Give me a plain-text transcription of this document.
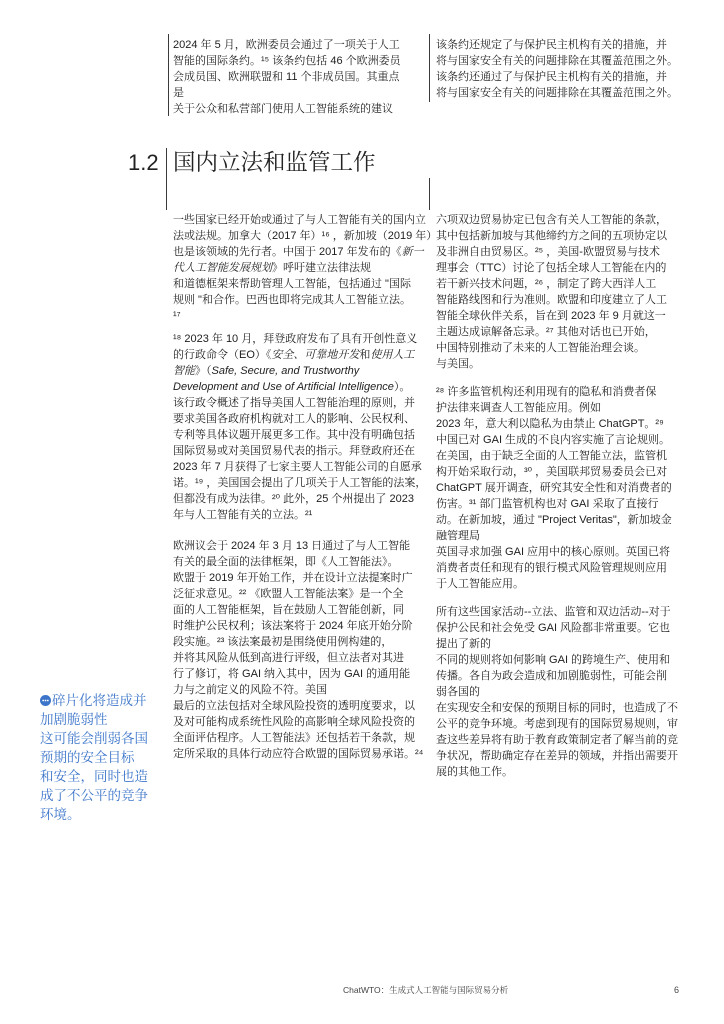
2024 年 5 月，欧洲委员会通过了一项关于人工
智能的国际条约。¹⁵ 该条约包括 46 个欧洲委员
会成员国、欧洲联盟和 11 个非成员国。其重点
是
关于公众和私营部门使用人工智能系统的建议
该条约还规定了与保护民主机构有关的措施，并
将与国家安全有关的问题排除在其覆盖范围之外。
该条约还通过了与保护民主机构有关的措施，并
将与国家安全有关的问题排除在其覆盖范围之外。
1.2 国内立法和监管工作
一些国家已经开始或通过了与人工智能有关的国内立
法或法规。加拿大（2017 年）¹⁶ ，新加坡（2019 年）
也是该领域的先行者。中国于 2017 年发布的《新一
代人工智能发展规划》呼吁建立法律法规
和道德框架来帮助管理人工智能，包括通过 "国际
规则 "和合作。巴西也即将完成其人工智能立法。
¹⁷
¹⁸ 2023 年 10 月，拜登政府发布了具有开创性意义
的行政命令（EO）《安全、可靠地开发和使用人工
智能》（Safe, Secure, and Trustworthy
Development and Use of Artificial Intelligence）。
该行政令概述了指导美国人工智能治理的原则，并
要求美国各政府机构就对工人的影响、公民权利、
专利等具体议题开展更多工作。其中没有明确包括
国际贸易或对美国贸易代表的指示。拜登政府还在
2023 年 7 月获得了七家主要人工智能公司的自愿承
诺。¹⁹ ，美国国会提出了几项关于人工智能的法案，
但都没有成为法律。²⁰ 此外，25 个州提出了 2023
年与人工智能有关的立法。²¹
欧洲议会于 2024 年 3 月 13 日通过了与人工智能
有关的最全面的法律框架，即《人工智能法》。
欧盟于 2019 年开始工作，并在设计立法提案时广
泛征求意见。²² 《欧盟人工智能法案》是一个全
面的人工智能框架，旨在鼓励人工智能创新，同
时维护公民权利；该法案将于 2024 年底开始分阶
段实施。²³ 该法案最初是围绕使用例构建的，
并将其风险从低到高进行评级，但立法者对其进
行了修订，将 GAI 纳入其中，因为 GAI 的通用能
力与之前定义的风险不符。美国
最后的立法包括对全球风险投资的透明度要求，以
及对可能构成系统性风险的高影响全球风险投资的
全面评估程序。人工智能法》还包括若干条款，规
定所采取的具体行动应符合欧盟的国际贸易承诺。²⁴
六项双边贸易协定已包含有关人工智能的条款，
其中包括新加坡与其他缔约方之间的五项协定以
及非洲自由贸易区。²⁵ ，美国-欧盟贸易与技术
理事会（TTC）讨论了包括全球人工智能在内的
若干新兴技术问题，²⁶ ，制定了跨大西洋人工
智能路线图和行为准则。欧盟和印度建立了人工
智能全球伙伴关系，旨在到 2023 年 9 月就这一
主题达成谅解备忘录。²⁷ 其他对话也已开始，
中国特别推动了未来的人工智能治理会谈。
与美国。
²⁸ 许多监管机构还利用现有的隐私和消费者保
护法律来调查人工智能应用。例如
2023 年，意大利以隐私为由禁止 ChatGPT。²⁹
中国已对 GAI 生成的不良内容实施了言论规则。
在美国，由于缺乏全面的人工智能立法，监管机
构开始采取行动，³⁰ ，美国联邦贸易委员会已对
ChatGPT 展开调查，研究其安全性和对消费者的
伤害。³¹ 部门监管机构也对 GAI 采取了直接行
动。在新加坡，通过 "Project Veritas"，新加坡金
融管理局
英国寻求加强 GAI 应用中的核心原则。英国已将
消费者责任和现有的银行模式风险管理规则应用
于人工智能应用。
所有这些国家活动--立法、监管和双边活动--对于
保护公民和社会免受 GAI 风险都非常重要。它也
提出了新的
不同的规则将如何影响 GAI 的跨境生产、使用和
传播。各自为政会造成和加剧脆弱性，可能会削
弱各国的
在实现安全和安保的预期目标的同时，也造成了不
公平的竞争环境。考虑到现有的国际贸易规则，审
查这些差异将有助于教育政策制定者了解当前的竞
争状况，帮助确定存在差异的领域，并指出需要开
展的其他工作。
碎片化将造成并
加剧脆弱性
这可能会削弱各国
预期的安全目标
和安全，同时也造
成了不公平的竞争
环境。
ChatWTO：生成式人工智能与国际贸易分析	6
